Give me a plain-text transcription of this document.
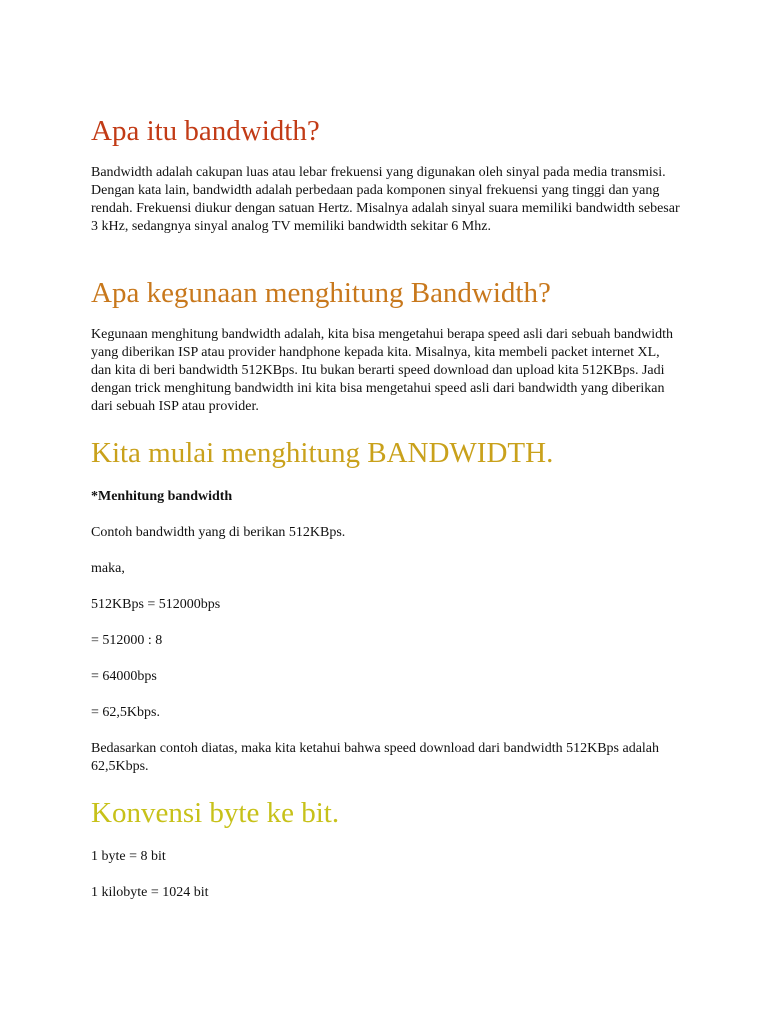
Apa itu bandwidth?

Bandwidth adalah cakupan luas atau lebar frekuensi yang digunakan oleh sinyal pada media transmisi. Dengan kata lain, bandwidth adalah perbedaan pada komponen sinyal frekuensi yang tinggi dan yang rendah. Frekuensi diukur dengan satuan Hertz. Misalnya adalah sinyal suara memiliki bandwidth sebesar 3 kHz, sedangnya sinyal analog TV memiliki bandwidth sekitar 6 Mhz.

Apa kegunaan menghitung Bandwidth?

Kegunaan menghitung bandwidth adalah, kita bisa mengetahui berapa speed asli dari sebuah bandwidth yang diberikan ISP atau provider handphone kepada kita. Misalnya, kita membeli packet internet XL, dan kita di beri bandwidth 512KBps. Itu bukan berarti speed download dan upload kita 512KBps. Jadi dengan trick menghitung bandwidth ini kita bisa mengetahui speed asli dari bandwidth yang diberikan dari sebuah ISP atau provider.

Kita mulai menghitung BANDWIDTH.

*Menhitung bandwidth

Contoh bandwidth yang di berikan 512KBps.

maka,

512KBps = 512000bps

= 512000 : 8

= 64000bps

= 62,5Kbps.

Bedasarkan contoh diatas, maka kita ketahui bahwa speed download dari bandwidth 512KBps adalah 62,5Kbps.

Konvensi byte ke bit.

1 byte = 8 bit

1 kilobyte = 1024 bit
